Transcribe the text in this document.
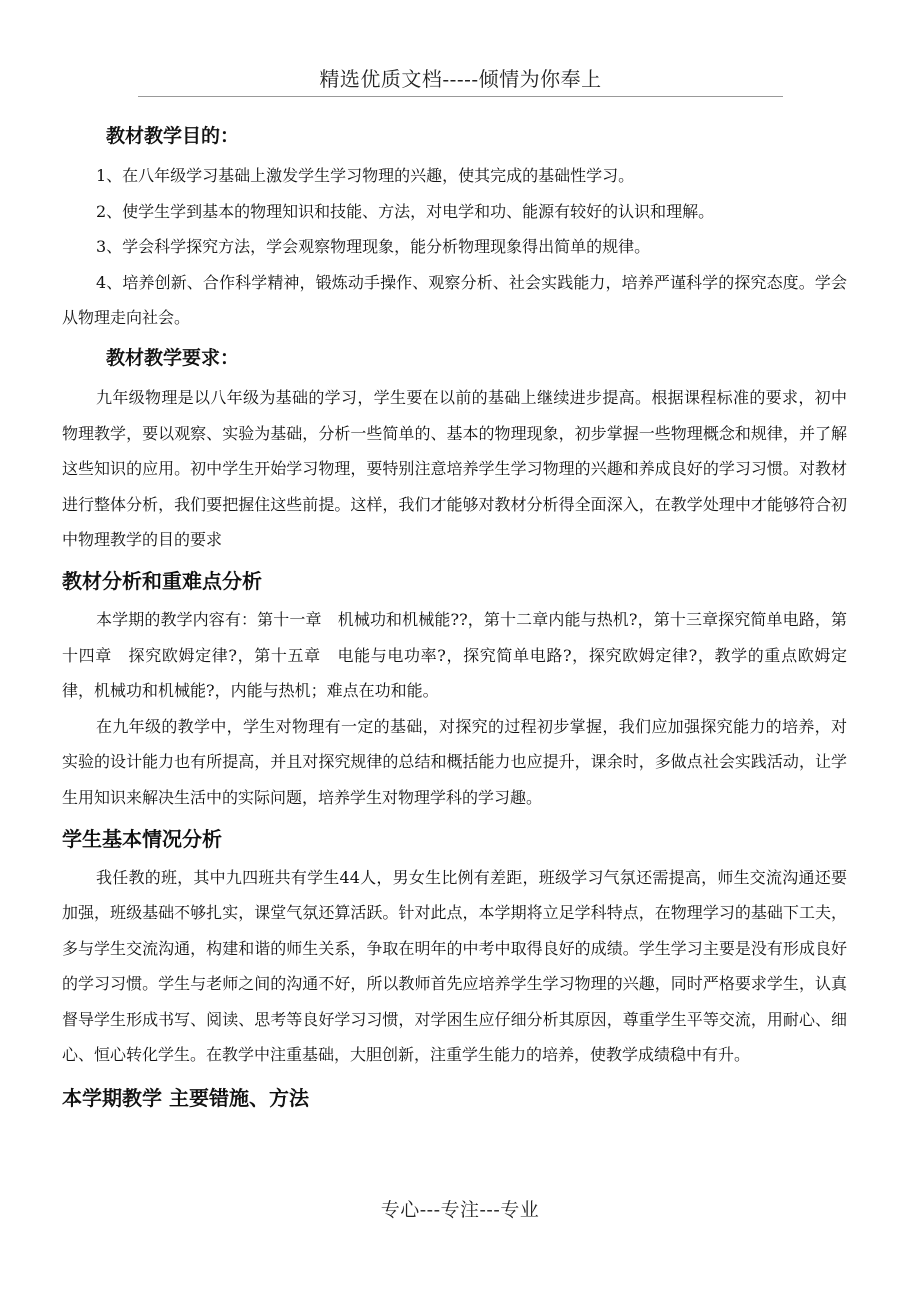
精选优质文档-----倾情为你奉上
教材教学目的：

1、在八年级学习基础上激发学生学习物理的兴趣，使其完成的基础性学习。

2、使学生学到基本的物理知识和技能、方法，对电学和功、能源有较好的认识和理解。

3、学会科学探究方法，学会观察物理现象，能分析物理现象得出简单的规律。

4、培养创新、合作科学精神，锻炼动手操作、观察分析、社会实践能力，培养严谨科学的探究态度。学会从物理走向社会。

教材教学要求：

九年级物理是以八年级为基础的学习，学生要在以前的基础上继续进步提高。根据课程标准的要求，初中物理教学，要以观察、实验为基础，分析一些简单的、基本的物理现象，初步掌握一些物理概念和规律，并了解这些知识的应用。初中学生开始学习物理，要特别注意培养学生学习物理的兴趣和养成良好的学习习惯。对教材进行整体分析，我们要把握住这些前提。这样，我们才能够对教材分析得全面深入，在教学处理中才能够符合初中物理教学的目的要求

教材分析和重难点分析

本学期的教学内容有：第十一章　机械功和机械能??，第十二章内能与热机?，第十三章探究简单电路，第十四章　探究欧姆定律?，第十五章　电能与电功率?，探究简单电路?，探究欧姆定律?，教学的重点欧姆定律，机械功和机械能?，内能与热机；难点在功和能。

在九年级的教学中，学生对物理有一定的基础，对探究的过程初步掌握，我们应加强探究能力的培养，对实验的设计能力也有所提高，并且对探究规律的总结和概括能力也应提升，课余时，多做点社会实践活动，让学生用知识来解决生活中的实际问题，培养学生对物理学科的学习趣。

学生基本情况分析

我任教的班，其中九四班共有学生44人，男女生比例有差距，班级学习气氛还需提高，师生交流沟通还要加强，班级基础不够扎实，课堂气氛还算活跃。针对此点，本学期将立足学科特点，在物理学习的基础下工夫，多与学生交流沟通，构建和谐的师生关系，争取在明年的中考中取得良好的成绩。学生学习主要是没有形成良好的学习习惯。学生与老师之间的沟通不好，所以教师首先应培养学生学习物理的兴趣，同时严格要求学生，认真督导学生形成书写、阅读、思考等良好学习习惯，对学困生应仔细分析其原因，尊重学生平等交流，用耐心、细心、恒心转化学生。在教学中注重基础，大胆创新，注重学生能力的培养，使教学成绩稳中有升。

本学期教学 主要错施、方法
专心---专注---专业
